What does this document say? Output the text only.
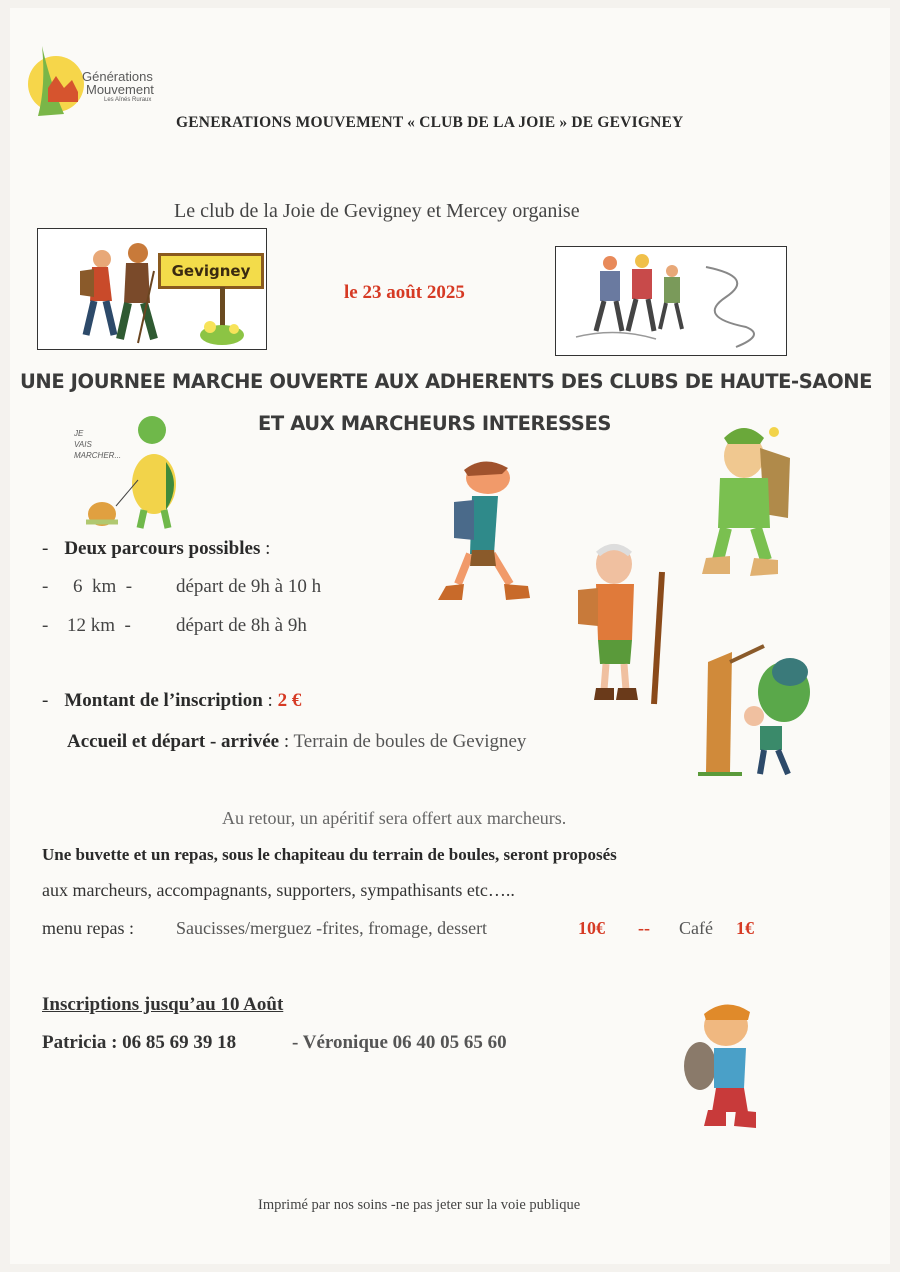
Générations
Mouvement
Les Aînés Ruraux
GENERATIONS MOUVEMENT « CLUB DE LA JOIE » DE GEVIGNEY
Le club de la Joie de Gevigney et Mercey organise
Gevigney
le 23 août 2025
UNE JOURNEE MARCHE OUVERTE AUX ADHERENTS DES CLUBS DE HAUTE-SAONE
ET AUX MARCHEURS INTERESSES
JE
VAIS
MARCHER...
- Deux parcours possibles :
- 6  km  - départ de 9h à 10 h
- 12 km  - départ de 8h à 9h
- Montant de l’inscription : 2 €
Accueil et départ - arrivée : Terrain de boules de Gevigney
Au retour, un apéritif sera offert aux marcheurs.
Une buvette et un repas, sous le chapiteau du terrain de boules, seront proposés
aux marcheurs, accompagnants, supporters, sympathisants etc…..
menu repas : Saucisses/merguez -frites, fromage, dessert	10€ -- Café 1€
Inscriptions jusqu’au 10 Août
Patricia : 06 85 69 39 18	- Véronique 06 40 05 65 60
Imprimé par nos soins -ne pas jeter sur la voie publique
